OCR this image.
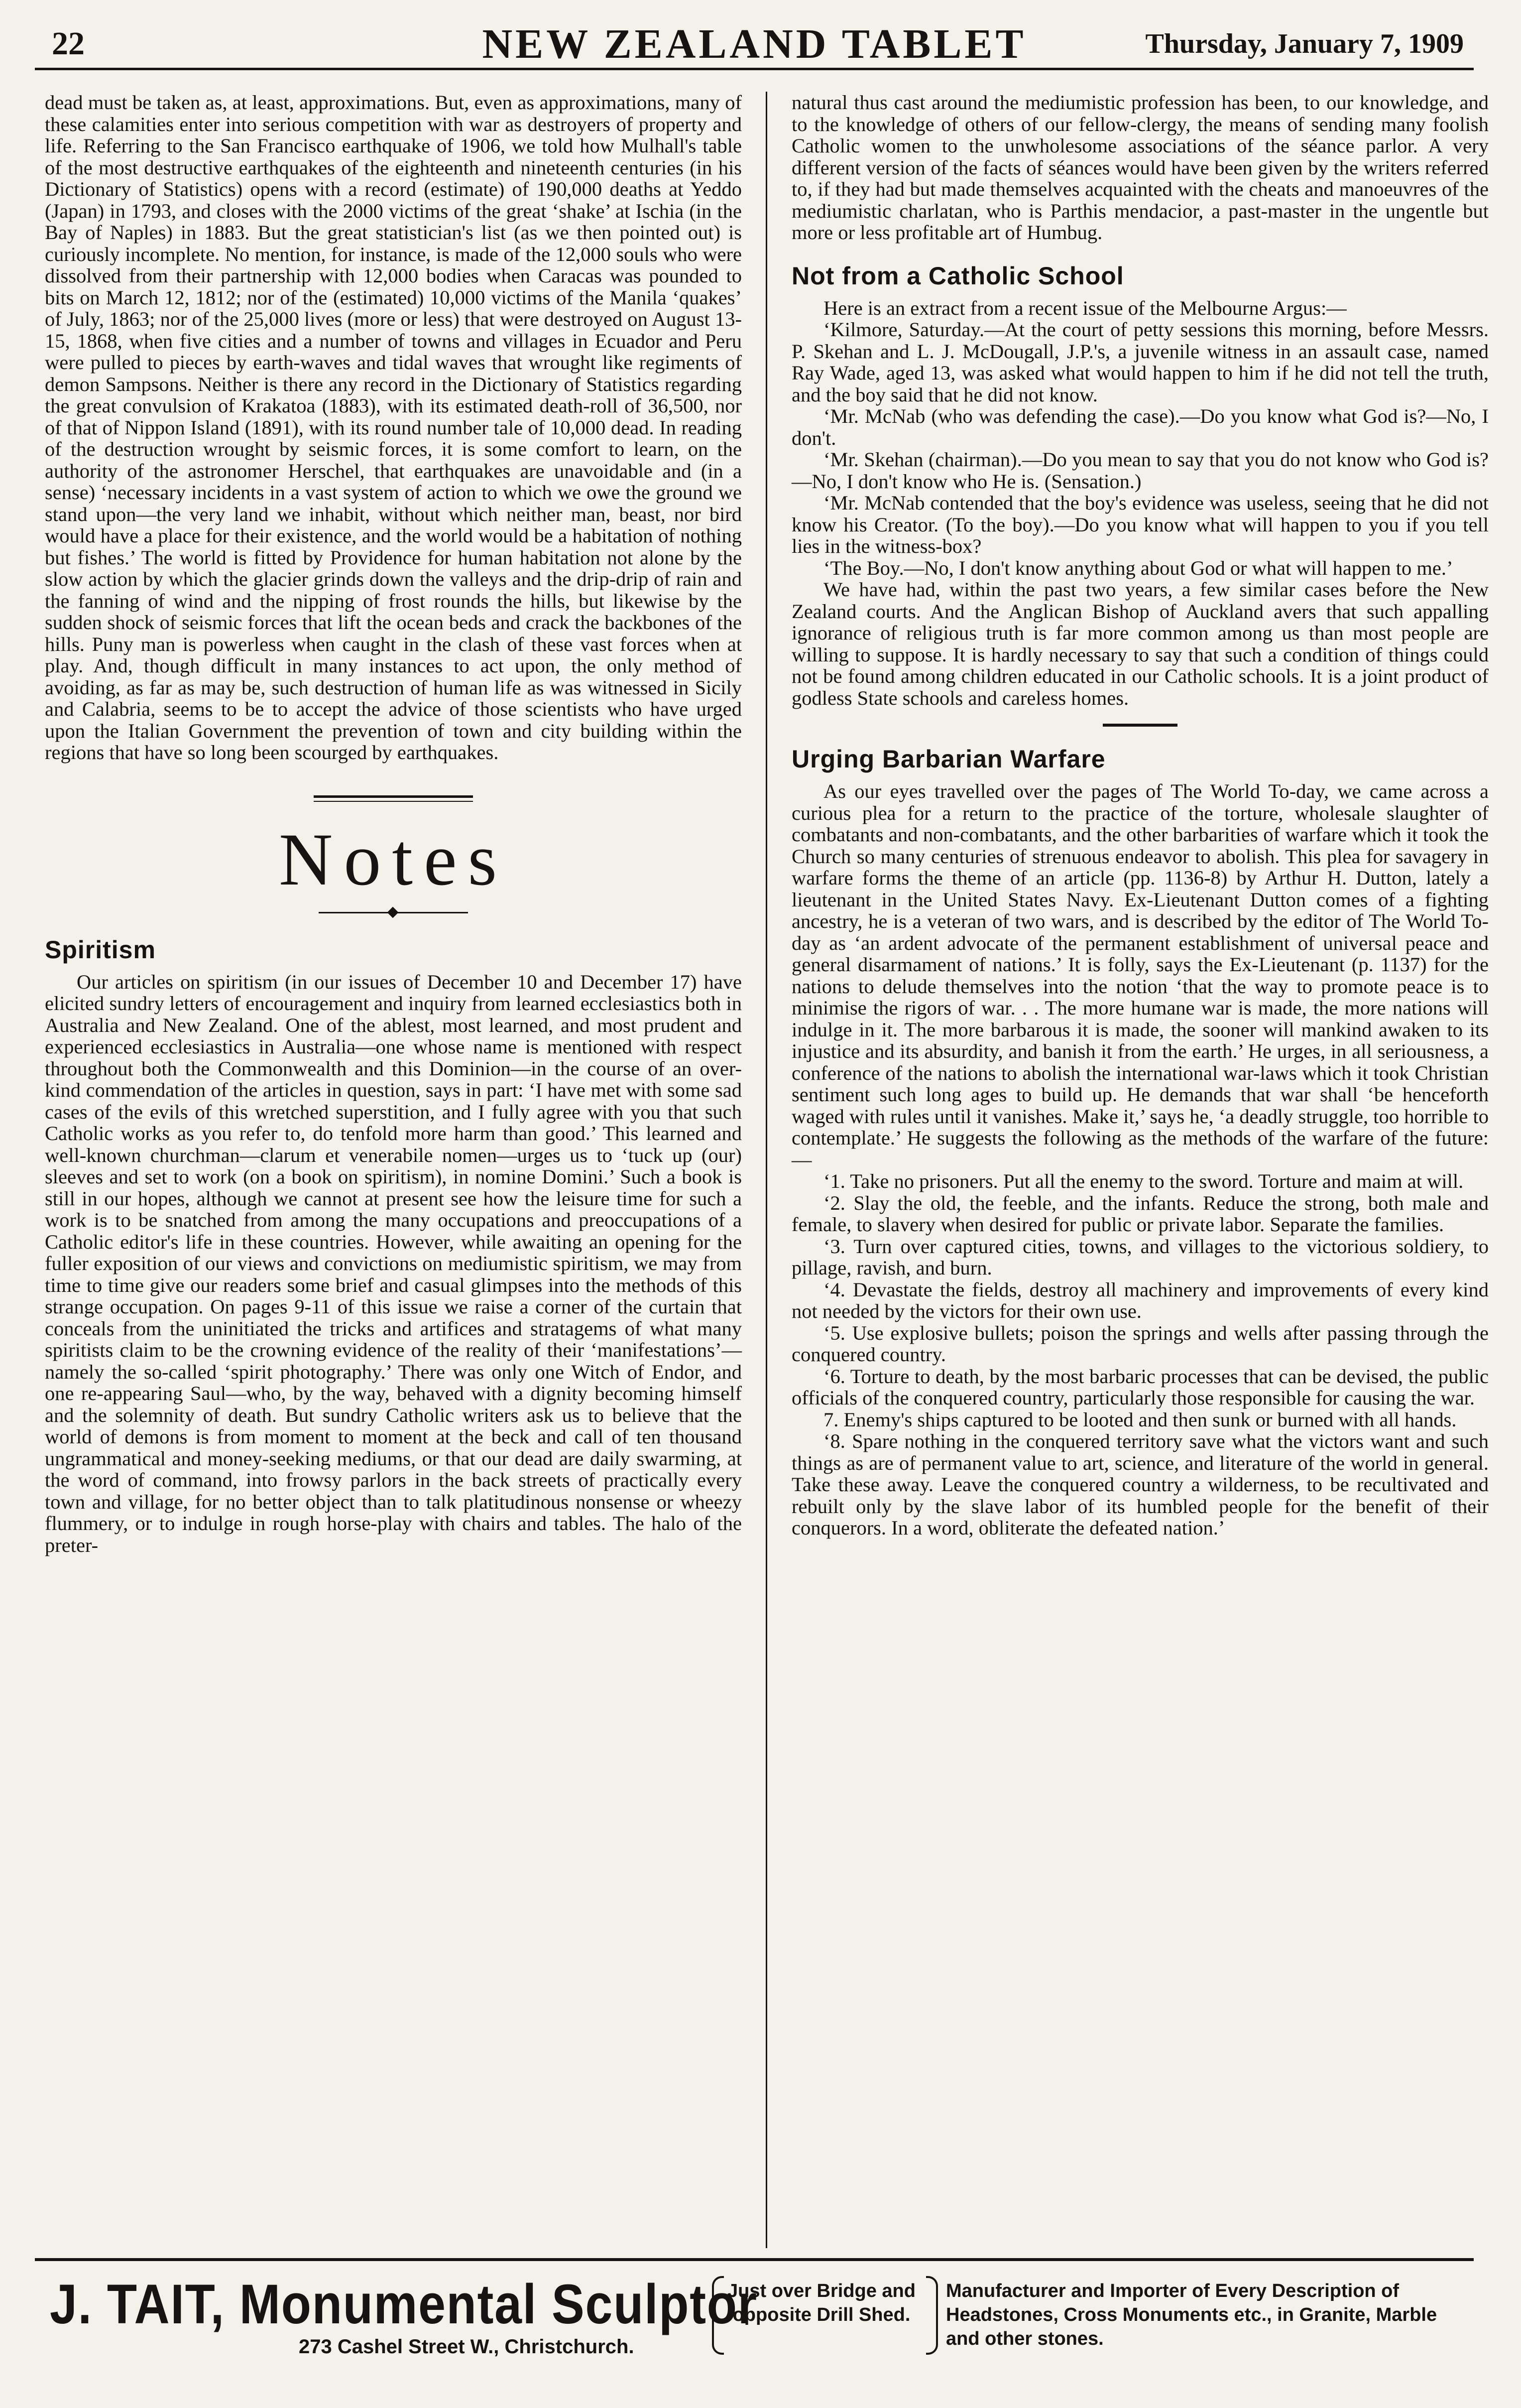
22	NEW ZEALAND TABLET	Thursday, January 7, 1909

dead must be taken as, at least, approximations. But, even as approximations, many of these calamities enter into serious competition with war as destroyers of property and life. Referring to the San Francisco earthquake of 1906, we told how Mulhall's table of the most destructive earthquakes of the eighteenth and nineteenth centuries (in his Dictionary of Statistics) opens with a record (estimate) of 190,000 deaths at Yeddo (Japan) in 1793, and closes with the 2000 victims of the great ‘shake’ at Ischia (in the Bay of Naples) in 1883. But the great statistician's list (as we then pointed out) is curiously incomplete. No mention, for instance, is made of the 12,000 souls who were dissolved from their partnership with 12,000 bodies when Caracas was pounded to bits on March 12, 1812; nor of the (estimated) 10,000 victims of the Manila ‘quakes’ of July, 1863; nor of the 25,000 lives (more or less) that were destroyed on August 13-15, 1868, when five cities and a number of towns and villages in Ecuador and Peru were pulled to pieces by earth-waves and tidal waves that wrought like regiments of demon Sampsons. Neither is there any record in the Dictionary of Statistics regarding the great convulsion of Krakatoa (1883), with its estimated death-roll of 36,500, nor of that of Nippon Island (1891), with its round number tale of 10,000 dead. In reading of the destruction wrought by seismic forces, it is some comfort to learn, on the authority of the astronomer Herschel, that earthquakes are unavoidable and (in a sense) ‘necessary incidents in a vast system of action to which we owe the ground we stand upon—the very land we inhabit, without which neither man, beast, nor bird would have a place for their existence, and the world would be a habitation of nothing but fishes.’ The world is fitted by Providence for human habitation not alone by the slow action by which the glacier grinds down the valleys and the drip-drip of rain and the fanning of wind and the nipping of frost rounds the hills, but likewise by the sudden shock of seismic forces that lift the ocean beds and crack the backbones of the hills. Puny man is powerless when caught in the clash of these vast forces when at play. And, though difficult in many instances to act upon, the only method of avoiding, as far as may be, such destruction of human life as was witnessed in Sicily and Calabria, seems to be to accept the advice of those scientists who have urged upon the Italian Government the prevention of town and city building within the regions that have so long been scourged by earthquakes.

Notes
Spiritism

Our articles on spiritism (in our issues of December 10 and December 17) have elicited sundry letters of encouragement and inquiry from learned ecclesiastics both in Australia and New Zealand. One of the ablest, most learned, and most prudent and experienced ecclesiastics in Australia—one whose name is mentioned with respect throughout both the Commonwealth and this Dominion—in the course of an over-kind commendation of the articles in question, says in part: ‘I have met with some sad cases of the evils of this wretched superstition, and I fully agree with you that such Catholic works as you refer to, do tenfold more harm than good.’ This learned and well-known churchman—clarum et venerabile nomen—urges us to ‘tuck up (our) sleeves and set to work (on a book on spiritism), in nomine Domini.’ Such a book is still in our hopes, although we cannot at present see how the leisure time for such a work is to be snatched from among the many occupations and preoccupations of a Catholic editor's life in these countries. However, while awaiting an opening for the fuller exposition of our views and convictions on mediumistic spiritism, we may from time to time give our readers some brief and casual glimpses into the methods of this strange occupation. On pages 9-11 of this issue we raise a corner of the curtain that conceals from the uninitiated the tricks and artifices and stratagems of what many spiritists claim to be the crowning evidence of the reality of their ‘manifestations’—namely the so-called ‘spirit photography.’ There was only one Witch of Endor, and one re-appearing Saul—who, by the way, behaved with a dignity becoming himself and the solemnity of death. But sundry Catholic writers ask us to believe that the world of demons is from moment to moment at the beck and call of ten thousand ungrammatical and money-seeking mediums, or that our dead are daily swarming, at the word of command, into frowsy parlors in the back streets of practically every town and village, for no better object than to talk platitudinous nonsense or wheezy flummery, or to indulge in rough horse-play with chairs and tables. The halo of the preter-

natural thus cast around the mediumistic profession has been, to our knowledge, and to the knowledge of others of our fellow-clergy, the means of sending many foolish Catholic women to the unwholesome associations of the séance parlor. A very different version of the facts of séances would have been given by the writers referred to, if they had but made themselves acquainted with the cheats and manoeuvres of the mediumistic charlatan, who is Parthis mendacior, a past-master in the ungentle but more or less profitable art of Humbug.

Not from a Catholic School

Here is an extract from a recent issue of the Melbourne Argus:—

‘Kilmore, Saturday.—At the court of petty sessions this morning, before Messrs. P. Skehan and L. J. McDougall, J.P.'s, a juvenile witness in an assault case, named Ray Wade, aged 13, was asked what would happen to him if he did not tell the truth, and the boy said that he did not know.

‘Mr. McNab (who was defending the case).—Do you know what God is?—No, I don't.

‘Mr. Skehan (chairman).—Do you mean to say that you do not know who God is?—No, I don't know who He is. (Sensation.)

‘Mr. McNab contended that the boy's evidence was useless, seeing that he did not know his Creator. (To the boy).—Do you know what will happen to you if you tell lies in the witness-box?

‘The Boy.—No, I don't know anything about God or what will happen to me.’

We have had, within the past two years, a few similar cases before the New Zealand courts. And the Anglican Bishop of Auckland avers that such appalling ignorance of religious truth is far more common among us than most people are willing to suppose. It is hardly necessary to say that such a condition of things could not be found among children educated in our Catholic schools. It is a joint product of godless State schools and careless homes.

Urging Barbarian Warfare

As our eyes travelled over the pages of The World To-day, we came across a curious plea for a return to the practice of the torture, wholesale slaughter of combatants and non-combatants, and the other barbarities of warfare which it took the Church so many centuries of strenuous endeavor to abolish. This plea for savagery in warfare forms the theme of an article (pp. 1136-8) by Arthur H. Dutton, lately a lieutenant in the United States Navy. Ex-Lieutenant Dutton comes of a fighting ancestry, he is a veteran of two wars, and is described by the editor of The World To-day as ‘an ardent advocate of the permanent establishment of universal peace and general disarmament of nations.’ It is folly, says the Ex-Lieutenant (p. 1137) for the nations to delude themselves into the notion ‘that the way to promote peace is to minimise the rigors of war. . . The more humane war is made, the more nations will indulge in it. The more barbarous it is made, the sooner will mankind awaken to its injustice and its absurdity, and banish it from the earth.’ He urges, in all seriousness, a conference of the nations to abolish the international war-laws which it took Christian sentiment such long ages to build up. He demands that war shall ‘be henceforth waged with rules until it vanishes. Make it,’ says he, ‘a deadly struggle, too horrible to contemplate.’ He suggests the following as the methods of the warfare of the future:—

‘1. Take no prisoners. Put all the enemy to the sword. Torture and maim at will.

‘2. Slay the old, the feeble, and the infants. Reduce the strong, both male and female, to slavery when desired for public or private labor. Separate the families.

‘3. Turn over captured cities, towns, and villages to the victorious soldiery, to pillage, ravish, and burn.

‘4. Devastate the fields, destroy all machinery and improvements of every kind not needed by the victors for their own use.

‘5. Use explosive bullets; poison the springs and wells after passing through the conquered country.

‘6. Torture to death, by the most barbaric processes that can be devised, the public officials of the conquered country, particularly those responsible for causing the war.

7. Enemy's ships captured to be looted and then sunk or burned with all hands.

‘8. Spare nothing in the conquered territory save what the victors want and such things as are of permanent value to art, science, and literature of the world in general. Take these away. Leave the conquered country a wilderness, to be recultivated and rebuilt only by the slave labor of its humbled people for the benefit of their conquerors. In a word, obliterate the defeated nation.’

J. TAIT, Monumental Sculptor
273 Cashel Street W., Christchurch.
Just over Bridge and opposite Drill Shed.
Manufacturer and Importer of Every Description of Headstones, Cross Monuments etc., in Granite, Marble and other stones.
